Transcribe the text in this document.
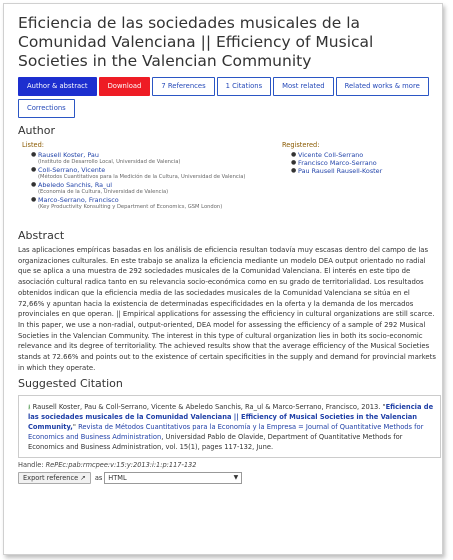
Eficiencia de las sociedades musicales de la Comunidad Valenciana || Efficiency of Musical Societies in the Valencian Community
Author & abstract	Download	7 References	1 Citations	Most related	Related works & more
Corrections
Author
Listed:
● Rausell Koster, Pau
(Instituto de Desarrollo Local, Universidad de Valencia)
● Coll-Serrano, Vicente
(Métodos Cuantitativos para la Medición de la Cultura, Universidad de Valencia)
● Abeledo Sanchis, Ra_ul
(Economia de la Cultura, Universidad de Valencia)
● Marco-Serrano, Francisco
(Key Productivity Konsulting y Department of Economics, GSM London)
Registered:
● Vicente Coll-Serrano
● Francisco Marco-Serrano
● Pau Rausell Rausell-Koster
Abstract
Las aplicaciones empíricas basadas en los análisis de eficiencia resultan todavía muy escasas dentro del campo de las organizaciones culturales. En este trabajo se analiza la eficiencia mediante un modelo DEA output orientado no radial que se aplica a una muestra de 292 sociedades musicales de la Comunidad Valenciana. El interés en este tipo de asociación cultural radica tanto en su relevancia socio-económica como en su grado de territorialidad. Los resultados obtenidos indican que la eficiencia media de las sociedades musicales de la Comunidad Valenciana se sitúa en el 72,66% y apuntan hacia la existencia de determinadas especificidades en la oferta y la demanda de los mercados provinciales en que operan. || Empirical applications for assessing the efficiency in cultural organizations are still scarce. In this paper, we use a non-radial, output-oriented, DEA model for assessing the efficiency of a sample of 292 Musical Societies in the Valencian Community. The interest in this type of cultural organization lies in both its socio-economic relevance and its degree of territoriality. The achieved results show that the average efficiency of the Musical Societies stands at 72.66% and points out to the existence of certain specificities in the supply and demand for provincial markets in which they operate.
Suggested Citation
⭳ Rausell Koster, Pau & Coll-Serrano, Vicente & Abeledo Sanchis, Ra_ul & Marco-Serrano, Francisco, 2013. "Eficiencia de las sociedades musicales de la Comunidad Valenciana || Efficiency of Musical Societies in the Valencian Community," Revista de Métodos Cuantitativos para la Economía y la Empresa = Journal of Quantitative Methods for Economics and Business Administration, Universidad Pablo de Olavide, Department of Quantitative Methods for Economics and Business Administration, vol. 15(1), pages 117-132, June.
Handle: RePEc:pab:rmcpee:v:15:y:2013:i:1:p:117-132
Export reference ↗	as HTML	▼
